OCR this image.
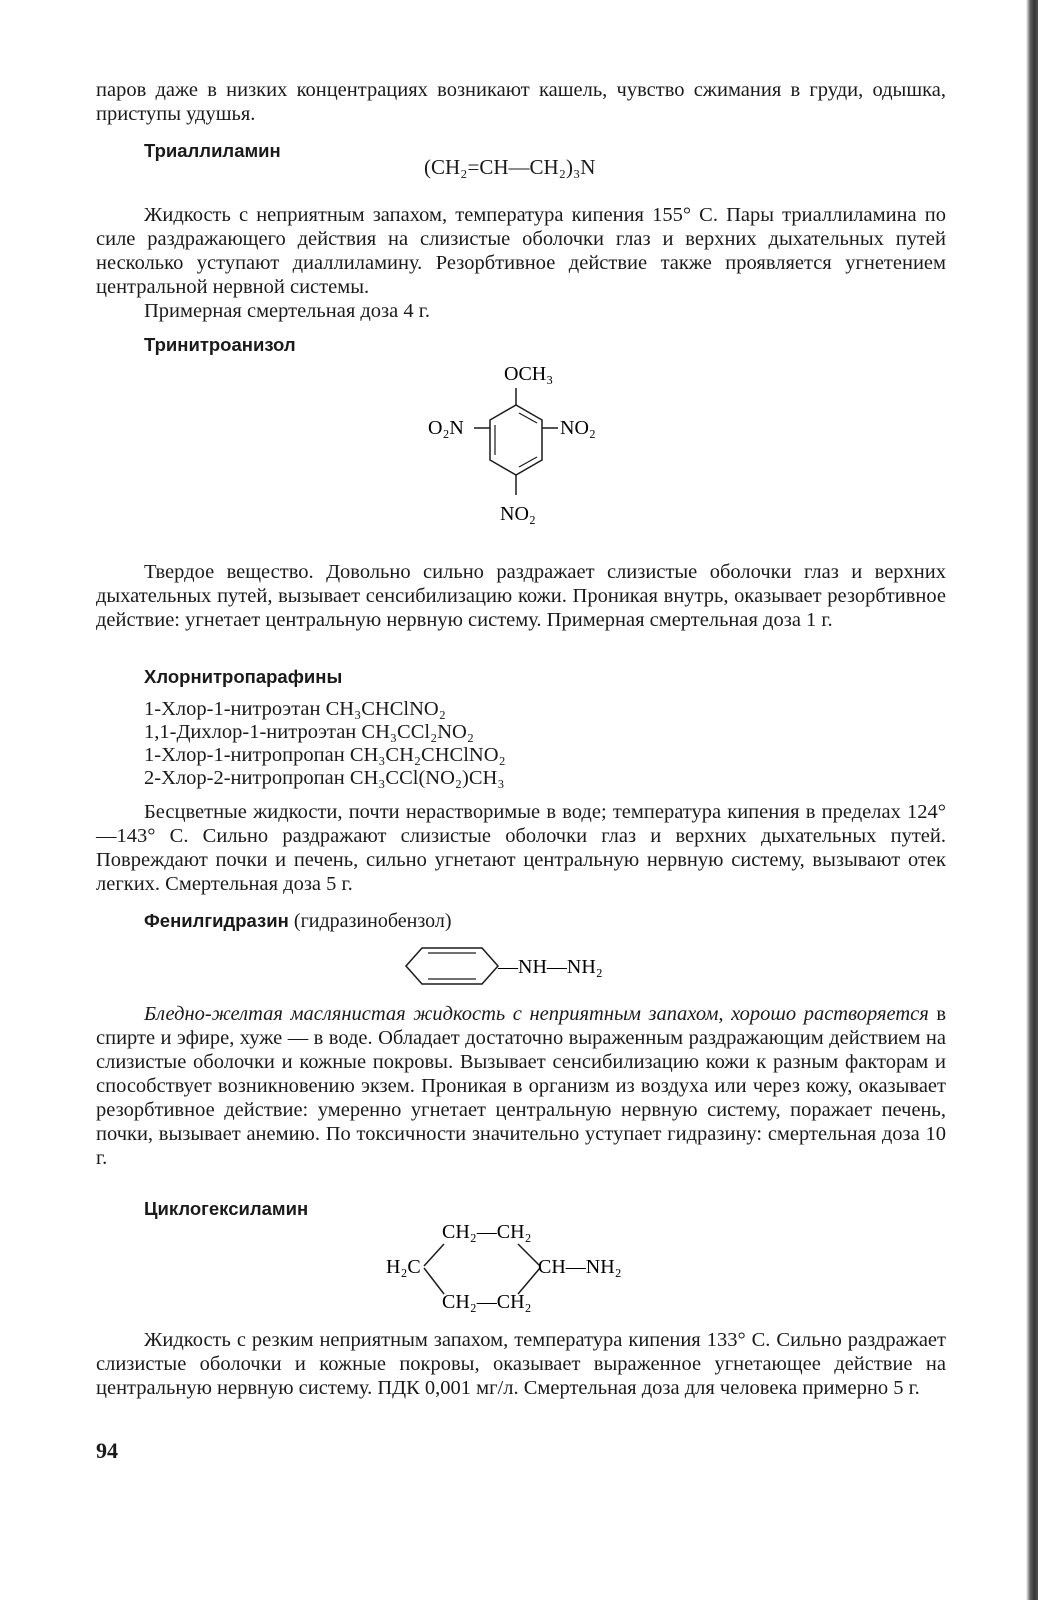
паров даже в низких концентрациях возникают кашель, чувство сжимания в груди, одышка, приступы удушья.

Триаллиламин
(CH₂=CH—CH₂)₃N

Жидкость с неприятным запахом, температура кипения 155° С. Пары триаллиламина по силе раздражающего действия на слизистые оболочки глаз и верхних дыхательных путей несколько уступают диаллиламину. Резорбтивное действие также проявляется угнетением центральной нервной системы.

Примерная смертельная доза 4 г.

Тринитроанизол
OCH₃
NO₂
O₂N
NO₂

Твердое вещество. Довольно сильно раздражает слизистые оболочки глаз и верхних дыхательных путей, вызывает сенсибилизацию кожи. Проникая внутрь, оказывает резорбтивное действие: угнетает центральную нервную систему. Примерная смертельная доза 1 г.

Хлорнитропарафины

1-Хлор-1-нитроэтан CH₃CHClNO₂

1,1-Дихлор-1-нитроэтан CH₃CCl₂NO₂

1-Хлор-1-нитропропан CH₃CH₂CHClNO₂

2-Хлор-2-нитропропан CH₃CCl(NO₂)CH₃

Бесцветные жидкости, почти нерастворимые в воде; температура кипения в пределах 124°—143° С. Сильно раздражают слизистые оболочки глаз и верхних дыхательных путей. Повреждают почки и печень, сильно угнетают центральную нервную систему, вызывают отек легких. Смертельная доза 5 г.

Фенилгидразин (гидразинобензол)
—NH—NH₂

Бледно-желтая маслянистая жидкость с неприятным запахом, хорошо растворяется в спирте и эфире, хуже — в воде. Обладает достаточно выраженным раздражающим действием на слизистые оболочки и кожные покровы. Вызывает сенсибилизацию кожи к разным факторам и способствует возникновению экзем. Проникая в организм из воздуха или через кожу, оказывает резорбтивное действие: умеренно угнетает центральную нервную систему, поражает печень, почки, вызывает анемию. По токсичности значительно уступает гидразину: смертельная доза 10 г.

Циклогексиламин
CH₂—CH₂
H₂C	CH—NH₂
CH₂—CH₂

Жидкость с резким неприятным запахом, температура кипения 133° С. Сильно раздражает слизистые оболочки и кожные покровы, оказывает выраженное угнетающее действие на центральную нервную систему. ПДК 0,001 мг/л. Смертельная доза для человека примерно 5 г.

94
